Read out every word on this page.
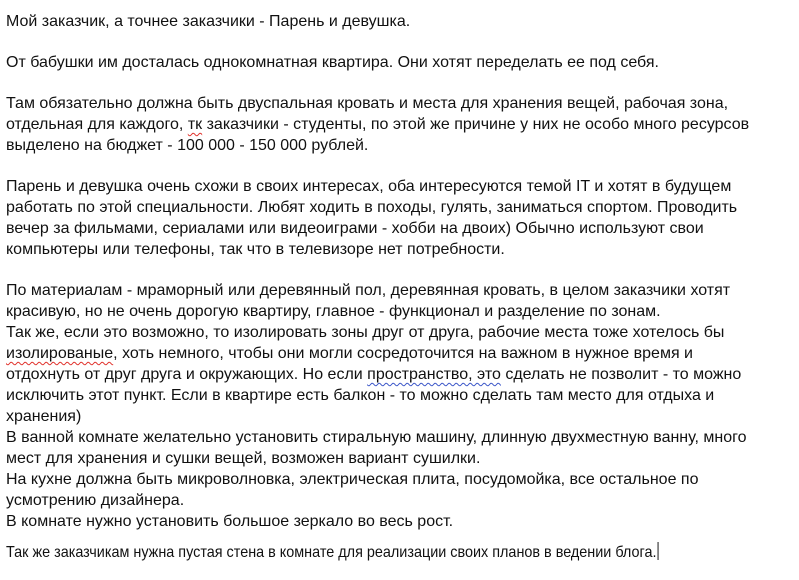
Мой заказчик, а точнее заказчики - Парень и девушка.
От бабушки им досталась однокомнатная квартира. Они хотят переделать ее под себя.
Там обязательно должна быть двуспальная кровать и места для хранения вещей, рабочая зона,
отдельная для каждого, тк заказчики - студенты, по этой же причине у них не особо много ресурсов
выделено на бюджет - 100 000 - 150 000 рублей.
Парень и девушка очень схожи в своих интересах, оба интересуются темой IT и хотят в будущем
работать по этой специальности. Любят ходить в походы, гулять, заниматься спортом. Проводить
вечер за фильмами, сериалами или видеоиграми - хобби на двоих) Обычно используют свои
компьютеры или телефоны, так что в телевизоре нет потребности.
По материалам - мраморный или деревянный пол, деревянная кровать, в целом заказчики хотят
красивую, но не очень дорогую квартиру, главное - функционал и разделение по зонам.
Так же, если это возможно, то изолировать зоны друг от друга, рабочие места тоже хотелось бы
изолированые, хоть немного, чтобы они могли сосредоточится на важном в нужное время и
отдохнуть от друг друга и окружающих. Но если пространство, это сделать не позволит - то можно
исключить этот пункт. Если в квартире есть балкон - то можно сделать там место для отдыха и
хранения)
В ванной комнате желательно установить стиральную машину, длинную двухместную ванну, много
мест для хранения и сушки вещей, возможен вариант сушилки.
На кухне должна быть микроволновка, электрическая плита, посудомойка, все остальное по
усмотрению дизайнера.
В комнате нужно установить большое зеркало во весь рост.
Так же заказчикам нужна пустая стена в комнате для реализации своих планов в ведении блога.
